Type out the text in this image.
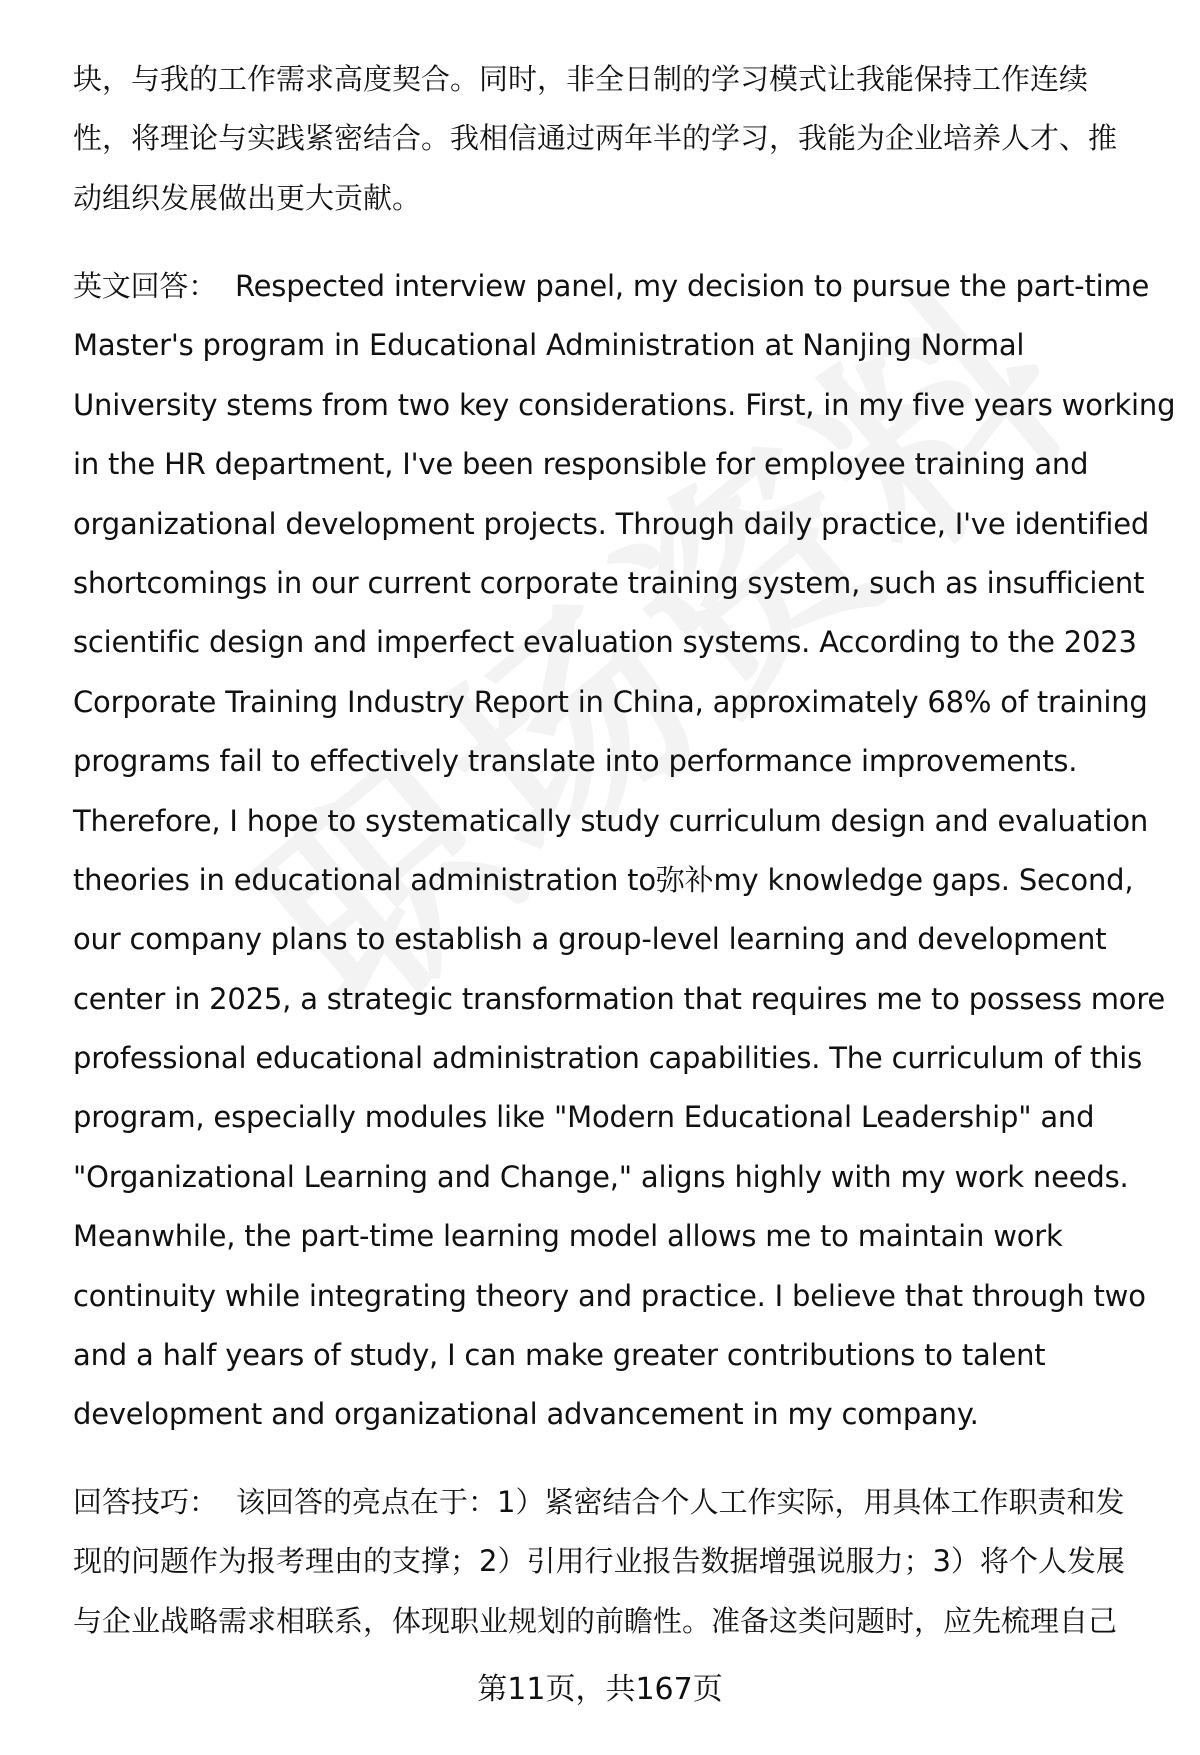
块，与我的工作需求高度契合。同时，非全日制的学习模式让我能保持工作连续
性，将理论与实践紧密结合。我相信通过两年半的学习，我能为企业培养人才、推
动组织发展做出更大贡献。
英文回答： Respected interview panel, my decision to pursue the part-time
Master's program in Educational Administration at Nanjing Normal
University stems from two key considerations. First, in my five years working
in the HR department, I've been responsible for employee training and
organizational development projects. Through daily practice, I've identified
shortcomings in our current corporate training system, such as insufficient
scientific design and imperfect evaluation systems. According to the 2023
Corporate Training Industry Report in China, approximately 68% of training
programs fail to effectively translate into performance improvements.
Therefore, I hope to systematically study curriculum design and evaluation
theories in educational administration to弥补my knowledge gaps. Second,
our company plans to establish a group-level learning and development
center in 2025, a strategic transformation that requires me to possess more
professional educational administration capabilities. The curriculum of this
program, especially modules like "Modern Educational Leadership" and
"Organizational Learning and Change," aligns highly with my work needs.
Meanwhile, the part-time learning model allows me to maintain work
continuity while integrating theory and practice. I believe that through two
and a half years of study, I can make greater contributions to talent
development and organizational advancement in my company.
回答技巧： 该回答的亮点在于：1）紧密结合个人工作实际，用具体工作职责和发
现的问题作为报考理由的支撑；2）引用行业报告数据增强说服力；3）将个人发展
与企业战略需求相联系，体现职业规划的前瞻性。准备这类问题时，应先梳理自己
第11页，共167页
